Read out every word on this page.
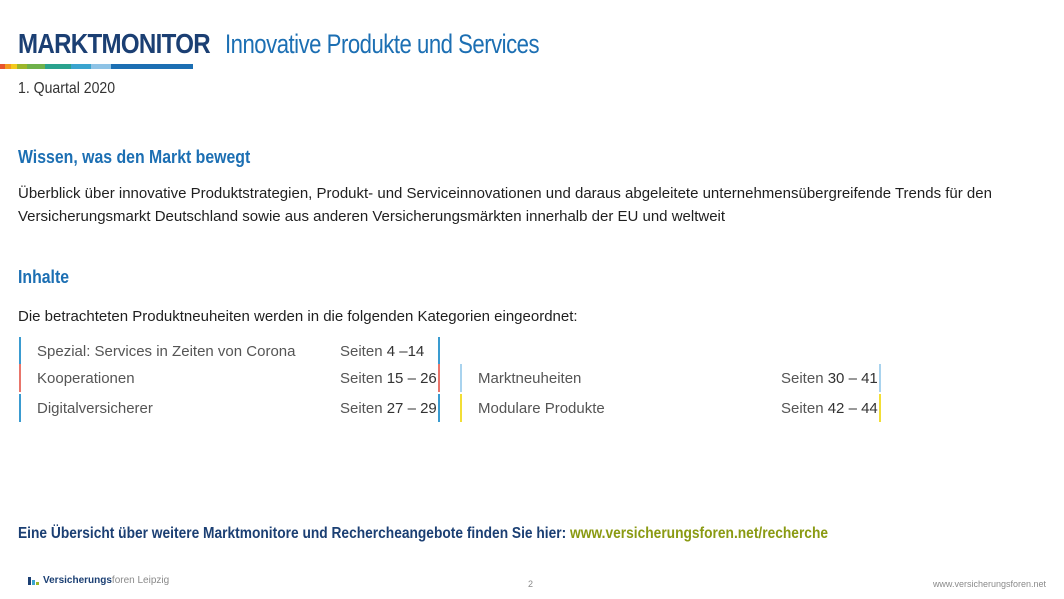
MARKTMONITOR Innovative Produkte und Services
1. Quartal 2020
Wissen, was den Markt bewegt
Überblick über innovative Produktstrategien, Produkt- und Serviceinnovationen und daraus abgeleitete unternehmensübergreifende Trends für den Versicherungsmarkt Deutschland sowie aus anderen Versicherungsmärkten innerhalb der EU und weltweit
Inhalte
Die betrachteten Produktneuheiten werden in die folgenden Kategorien eingeordnet:
Spezial: Services in Zeiten von Corona	Seiten 4 –14
Kooperationen	Seiten 15 – 26
Digitalversicherer	Seiten 27 – 29
Marktneuheiten	Seiten 30 – 41
Modulare Produkte	Seiten 42 – 44
Eine Übersicht über weitere Marktmonitore und Rechercheangebote finden Sie hier: www.versicherungsforen.net/recherche
Versicherungsforen Leipzig	2	www.versicherungsforen.net
